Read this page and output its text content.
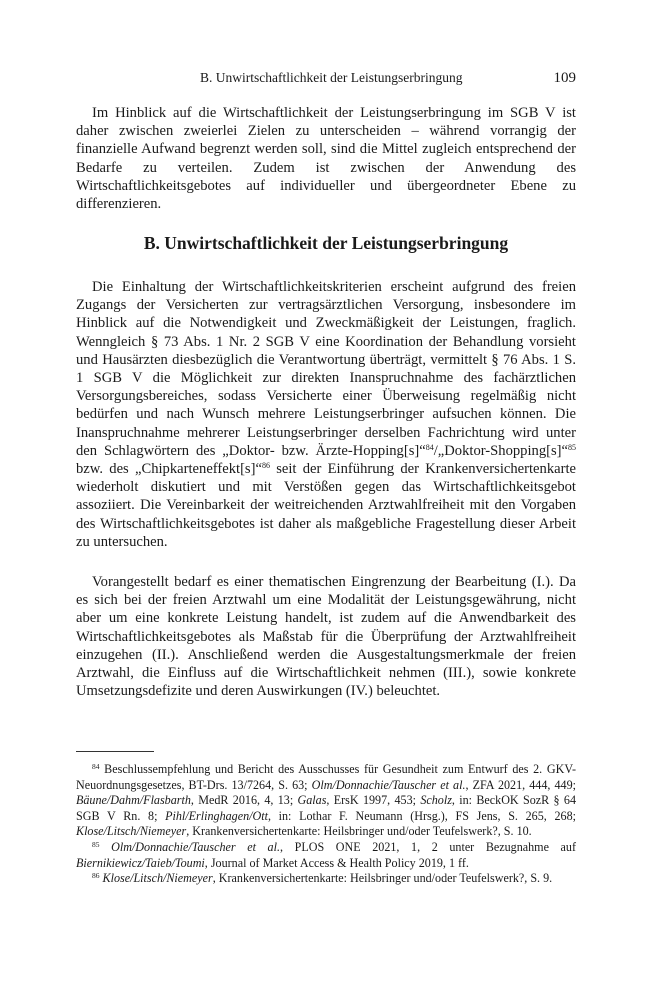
B. Unwirtschaftlichkeit der Leistungserbringung	109

Im Hinblick auf die Wirtschaftlichkeit der Leistungserbringung im SGB V ist daher zwischen zweierlei Zielen zu unterscheiden – während vorrangig der finanzielle Aufwand begrenzt werden soll, sind die Mittel zugleich entsprechend der Bedarfe zu verteilen. Zudem ist zwischen der Anwendung des Wirtschaftlichkeitsgebotes auf individueller und übergeordneter Ebene zu differenzieren.

B. Unwirtschaftlichkeit der Leistungserbringung

Die Einhaltung der Wirtschaftlichkeitskriterien erscheint aufgrund des freien Zugangs der Versicherten zur vertragsärztlichen Versorgung, insbesondere im Hinblick auf die Notwendigkeit und Zweckmäßigkeit der Leistungen, fraglich. Wenngleich § 73 Abs. 1 Nr. 2 SGB V eine Koordination der Behandlung vorsieht und Hausärzten diesbezüglich die Verantwortung überträgt, vermittelt § 76 Abs. 1 S. 1 SGB V die Möglichkeit zur direkten Inanspruchnahme des fachärztlichen Versorgungsbereiches, sodass Versicherte einer Überweisung regelmäßig nicht bedürfen und nach Wunsch mehrere Leistungserbringer aufsuchen können. Die Inanspruchnahme mehrerer Leistungserbringer derselben Fachrichtung wird unter den Schlagwörtern des „Doktor- bzw. Ärzte-Hopping[s]“$^{84}$/„Doktor-Shopping[s]“$^{85}$ bzw. des „Chipkarteneffekt[s]“$^{86}$ seit der Einführung der Krankenversichertenkarte wiederholt diskutiert und mit Verstößen gegen das Wirtschaftlichkeitsgebot assoziiert. Die Vereinbarkeit der weitreichenden Arztwahlfreiheit mit den Vorgaben des Wirtschaftlichkeitsgebotes ist daher als maßgebliche Fragestellung dieser Arbeit zu untersuchen.

Vorangestellt bedarf es einer thematischen Eingrenzung der Bearbeitung (I.). Da es sich bei der freien Arztwahl um eine Modalität der Leistungsgewährung, nicht aber um eine konkrete Leistung handelt, ist zudem auf die Anwendbarkeit des Wirtschaftlichkeitsgebotes als Maßstab für die Überprüfung der Arztwahlfreiheit einzugehen (II.). Anschließend werden die Ausgestaltungsmerkmale der freien Arztwahl, die Einfluss auf die Wirtschaftlichkeit nehmen (III.), sowie konkrete Umsetzungsdefizite und deren Auswirkungen (IV.) beleuchtet.

$^{84}$ Beschlussempfehlung und Bericht des Ausschusses für Gesundheit zum Entwurf des 2. GKV-Neuordnungsgesetzes, BT-Drs. 13/7264, S. 63; Olm/Donnachie/Tauscher et al., ZFA 2021, 444, 449; Bäune/Dahm/Flasbarth, MedR 2016, 4, 13; Galas, ErsK 1997, 453; Scholz, in: BeckOK SozR § 64 SGB V Rn. 8; Pihl/Erlinghagen/Ott, in: Lothar F. Neumann (Hrsg.), FS Jens, S. 265, 268; Klose/Litsch/Niemeyer, Krankenversichertenkarte: Heilsbringer und/oder Teufelswerk?, S. 10.

$^{85}$ Olm/Donnachie/Tauscher et al., PLOS ONE 2021, 1, 2 unter Bezugnahme auf Biernikiewicz/Taieb/Toumi, Journal of Market Access & Health Policy 2019, 1 ff.

$^{86}$ Klose/Litsch/Niemeyer, Krankenversichertenkarte: Heilsbringer und/oder Teufelswerk?, S. 9.
